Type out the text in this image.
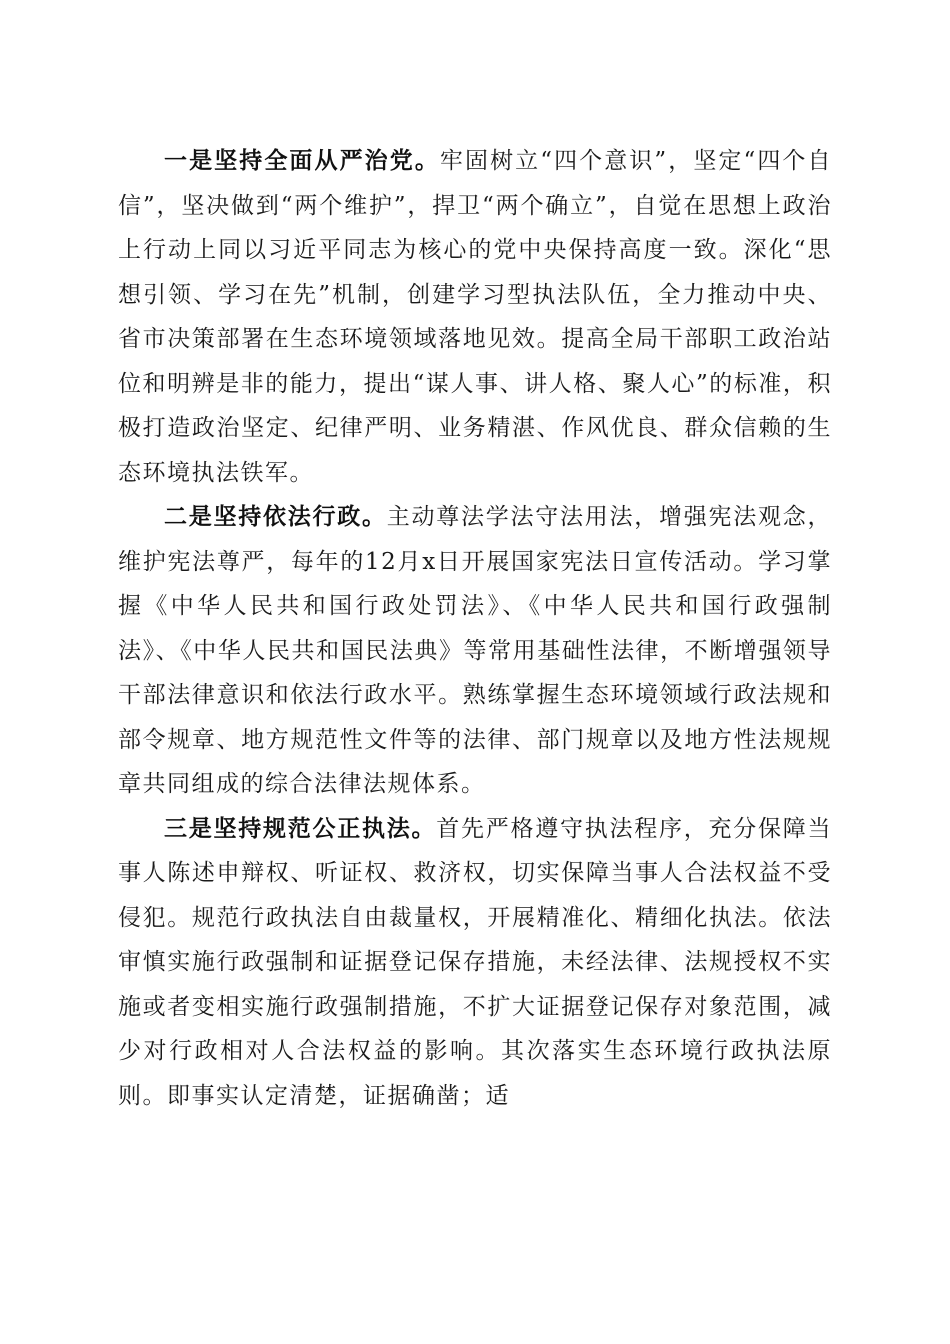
一是坚持全面从严治党。牢固树立“四个意识”，坚定“四个自信”，坚决做到“两个维护”，捍卫“两个确立”，自觉在思想上政治上行动上同以习近平同志为核心的党中央保持高度一致。深化“思想引领、学习在先”机制，创建学习型执法队伍，全力推动中央、省市决策部署在生态环境领域落地见效。提高全局干部职工政治站位和明辨是非的能力，提出“谋人事、讲人格、聚人心”的标准，积极打造政治坚定、纪律严明、业务精湛、作风优良、群众信赖的生态环境执法铁军。

二是坚持依法行政。主动尊法学法守法用法，增强宪法观念，维护宪法尊严，每年的12月x日开展国家宪法日宣传活动。学习掌握《中华人民共和国行政处罚法》、《中华人民共和国行政强制法》、《中华人民共和国民法典》等常用基础性法律，不断增强领导干部法律意识和依法行政水平。熟练掌握生态环境领域行政法规和部令规章、地方规范性文件等的法律、部门规章以及地方性法规规章共同组成的综合法律法规体系。

三是坚持规范公正执法。首先严格遵守执法程序，充分保障当事人陈述申辩权、听证权、救济权，切实保障当事人合法权益不受侵犯。规范行政执法自由裁量权，开展精准化、精细化执法。依法审慎实施行政强制和证据登记保存措施，未经法律、法规授权不实施或者变相实施行政强制措施，不扩大证据登记保存对象范围，减少对行政相对人合法权益的影响。其次落实生态环境行政执法原则。即事实认定清楚，证据确凿；适
